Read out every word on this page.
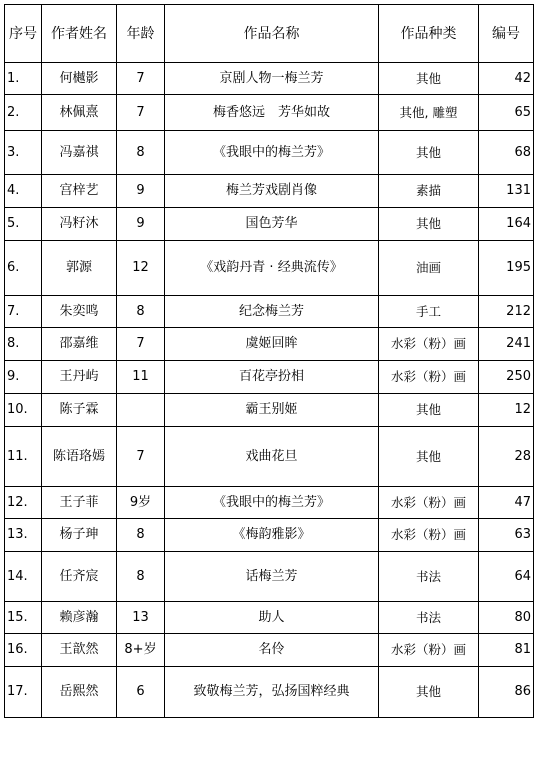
序号	作者姓名	年龄	作品名称	作品种类	编号
1.	何樾影	7	京剧人物一梅兰芳	其他	42
2.	林佩熹	7	梅香悠远　芳华如故	其他, 雕塑	65
3.	冯嘉祺	8	《我眼中的梅兰芳》	其他	68
4.	宫梓艺	9	梅兰芳戏剧肖像	素描	131
5.	冯籽沐	9	国色芳华	其他	164
6.	郭源	12	《戏韵丹青 · 经典流传》	油画	195
7.	朱奕鸣	8	纪念梅兰芳	手工	212
8.	邵嘉维	7	虞姬回眸	水彩（粉）画	241
9.	王丹屿	11	百花亭扮相	水彩（粉）画	250
10.	陈子霖		霸王别姬	其他	12
11.	陈语珞嫣	7	戏曲花旦	其他	28
12.	王子菲	9岁	《我眼中的梅兰芳》	水彩（粉）画	47
13.	杨子珅	8	《梅韵雅影》	水彩（粉）画	63
14.	任齐宸	8	话梅兰芳	书法	64
15.	赖彦瀚	13	助人	书法	80
16.	王歆然	8+岁	名伶	水彩（粉）画	81
17.	岳熙然	6	致敬梅兰芳，弘扬国粹经典	其他	86
